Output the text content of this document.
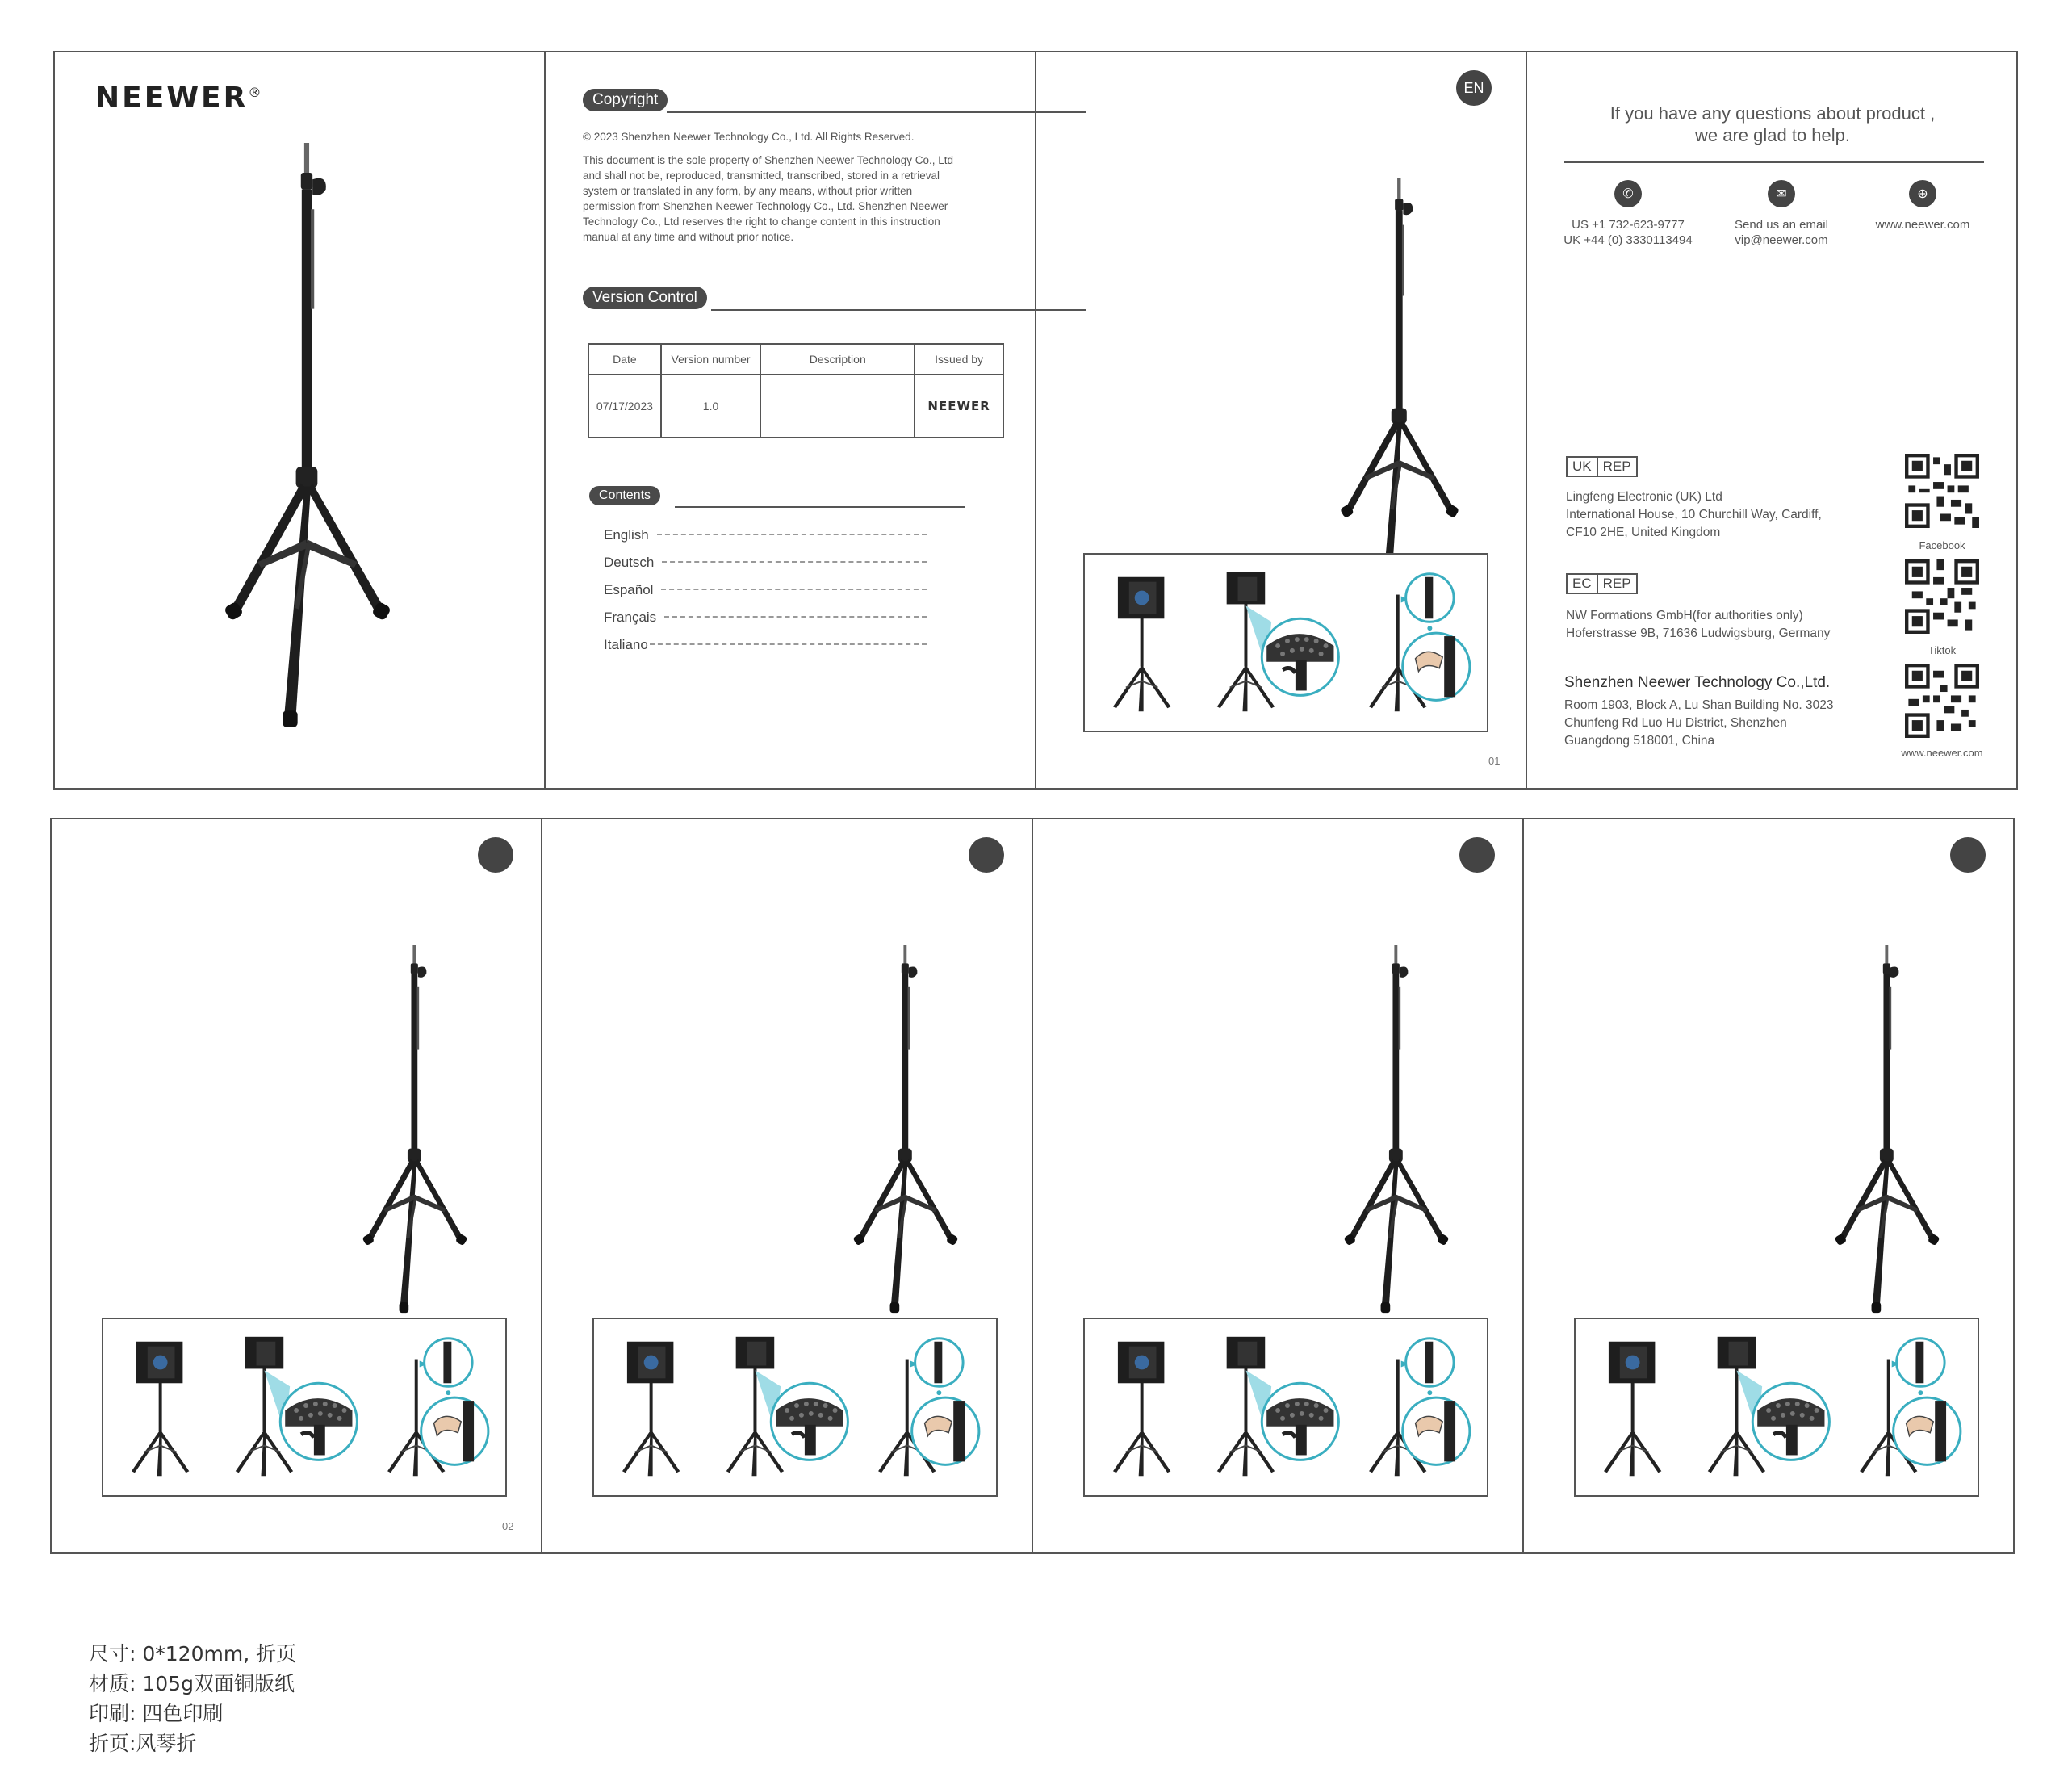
NEEWER®	Copyright
© 2023 Shenzhen Neewer Technology Co., Ltd. All Rights Reserved.
This document is the sole property of Shenzhen Neewer Technology Co., Ltd
and shall not be, reproduced, transmitted, transcribed, stored in a retrieval
system or translated in any form, by any means, without prior written
permission from Shenzhen Neewer Technology Co., Ltd. Shenzhen Neewer
Technology Co., Ltd reserves the right to change content in this instruction
manual at any time and without prior notice.
Version Control
Date	Version number	Description	Issued by
07/17/2023	1.0		NEEWER
Contents
English
Deutsch
Español
Français
Italiano
EN
01
If you have any questions about product ,
we are glad to help.
✆
US +1 732-623-9777
UK +44 (0) 3330113494
✉
Send us an email
vip@neewer.com
⊕
www.neewer.com
UK REP
Lingfeng Electronic (UK) Ltd
International House, 10 Churchill Way, Cardiff,
CF10 2HE, United Kingdom
EC REP
NW Formations GmbH(for authorities only)
Hoferstrasse 9B, 71636 Ludwigsburg, Germany
Shenzhen Neewer Technology Co.,Ltd.
Room 1903, Block A, Lu Shan Building No. 3023
Chunfeng Rd Luo Hu District, Shenzhen
Guangdong 518001, China
Facebook
Tiktok
www.neewer.com
02
尺寸: 0*120mm, 折页
材质: 105g双面铜版纸
印刷: 四色印刷
折页:风琴折
